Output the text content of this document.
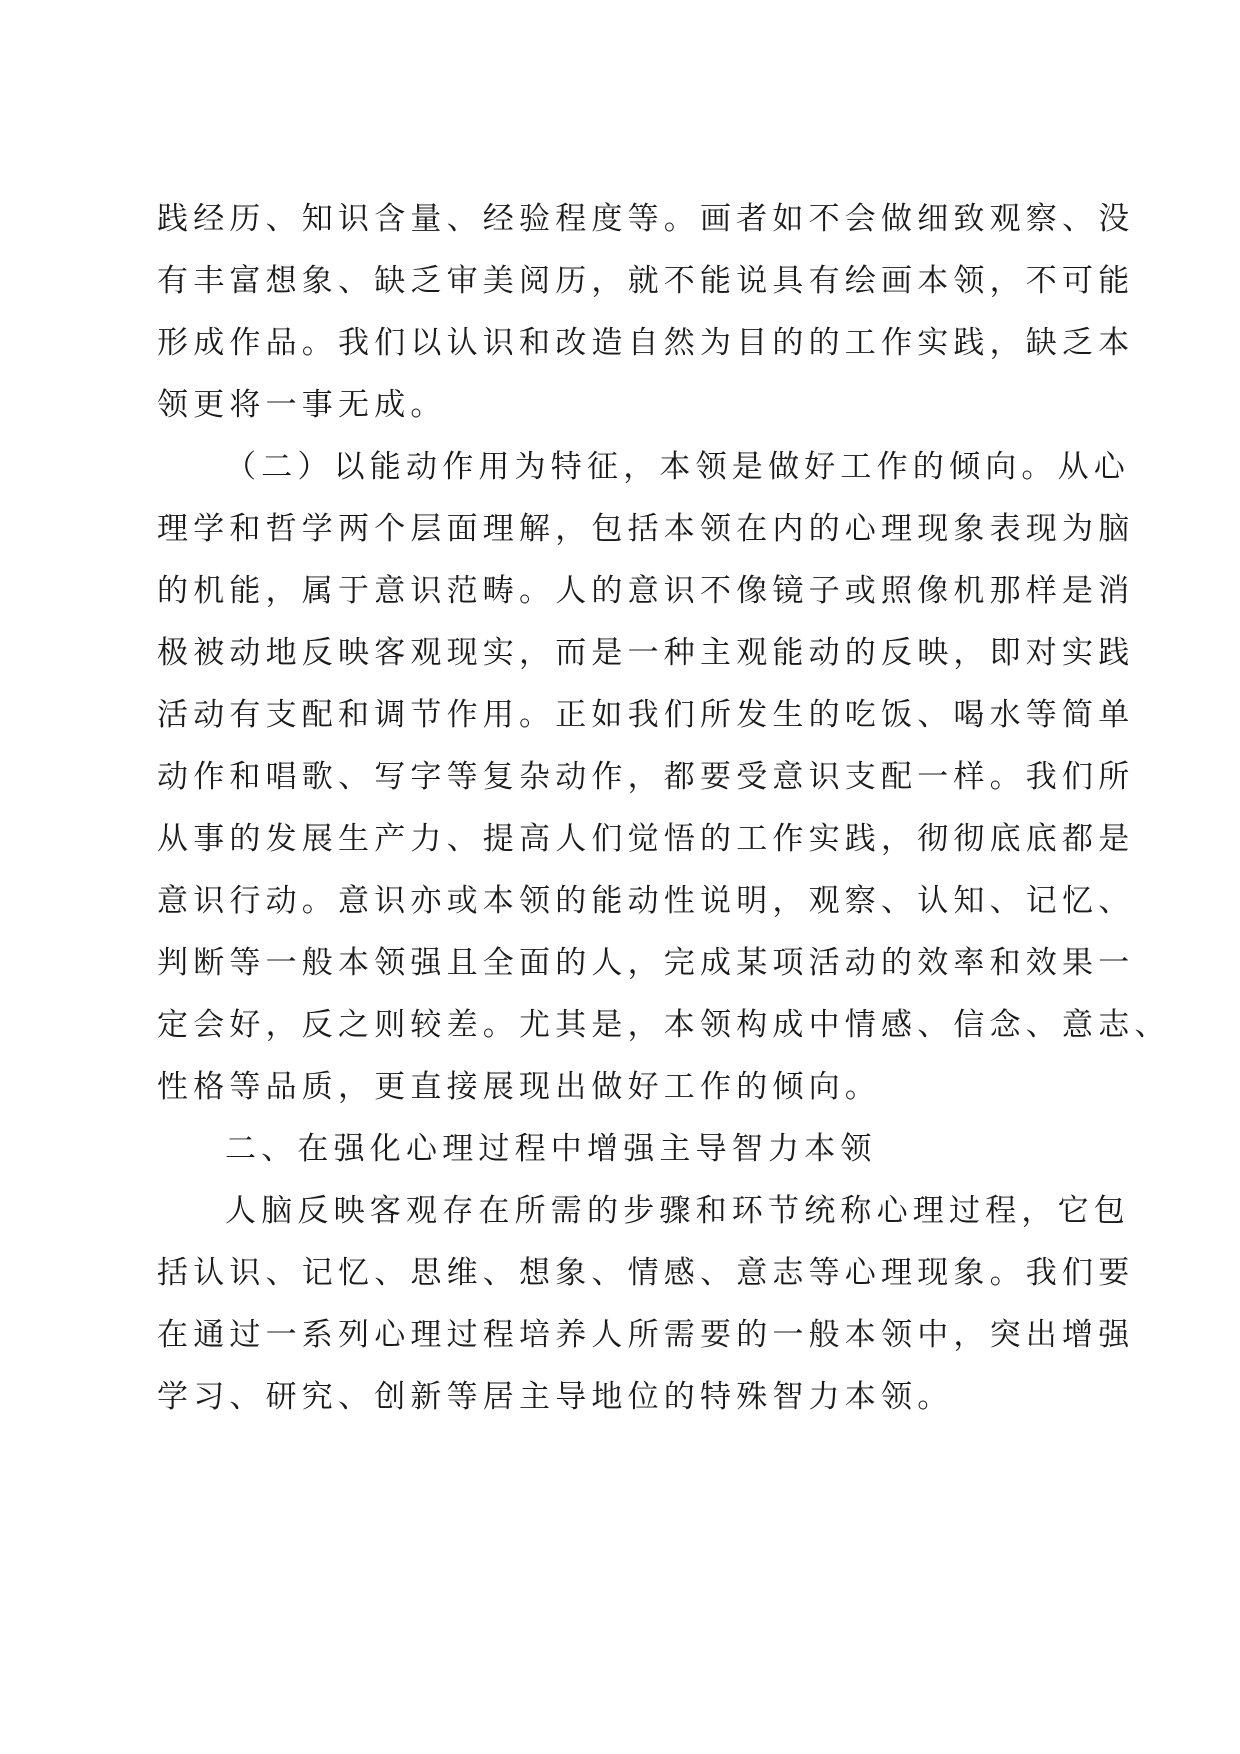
践经历、知识含量、经验程度等。画者如不会做细致观察、没
有丰富想象、缺乏审美阅历，就不能说具有绘画本领，不可能
形成作品。我们以认识和改造自然为目的的工作实践，缺乏本
领更将一事无成。
（二）以能动作用为特征，本领是做好工作的倾向。从心
理学和哲学两个层面理解，包括本领在内的心理现象表现为脑
的机能，属于意识范畴。人的意识不像镜子或照像机那样是消
极被动地反映客观现实，而是一种主观能动的反映，即对实践
活动有支配和调节作用。正如我们所发生的吃饭、喝水等简单
动作和唱歌、写字等复杂动作，都要受意识支配一样。我们所
从事的发展生产力、提高人们觉悟的工作实践，彻彻底底都是
意识行动。意识亦或本领的能动性说明，观察、认知、记忆、
判断等一般本领强且全面的人，完成某项活动的效率和效果一
定会好，反之则较差。尤其是，本领构成中情感、信念、意志、
性格等品质，更直接展现出做好工作的倾向。
二、在强化心理过程中增强主导智力本领
人脑反映客观存在所需的步骤和环节统称心理过程，它包
括认识、记忆、思维、想象、情感、意志等心理现象。我们要
在通过一系列心理过程培养人所需要的一般本领中，突出增强
学习、研究、创新等居主导地位的特殊智力本领。
